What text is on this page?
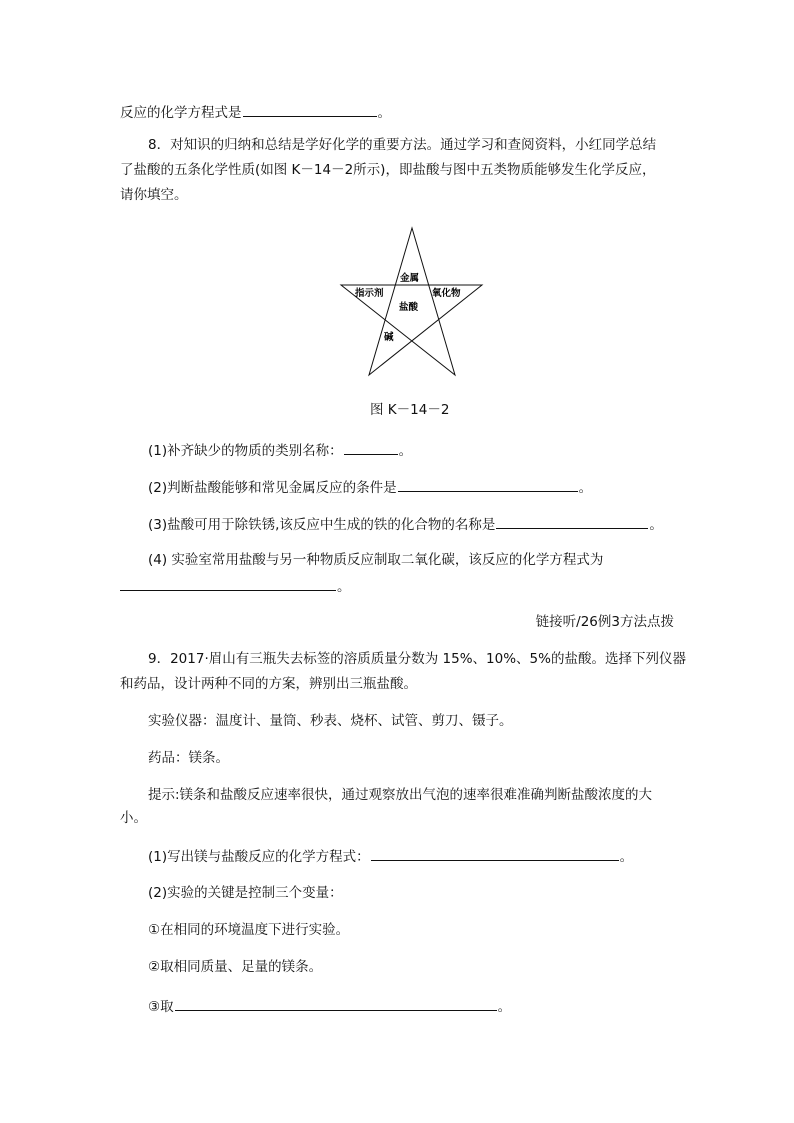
反应的化学方程式是	。
8．对知识的归纳和总结是学好化学的重要方法。通过学习和查阅资料，小红同学总结
了盐酸的五条化学性质(如图 K－14－2所示)，即盐酸与图中五类物质能够发生化学反应，
请你填空。
金属
指示剂	氧化物
盐酸
碱
图 K－14－2
(1)补齐缺少的物质的类别名称：	。
(2)判断盐酸能够和常见金属反应的条件是	。
(3)盐酸可用于除铁锈,该反应中生成的铁的化合物的名称是	。
(4) 实验室常用盐酸与另一种物质反应制取二氧化碳，该反应的化学方程式为
。
链接听/26例3方法点拨
9．2017·眉山有三瓶失去标签的溶质质量分数为 15%、10%、5%的盐酸。选择下列仪器
和药品，设计两种不同的方案，辨别出三瓶盐酸。
实验仪器：温度计、量筒、秒表、烧杯、试管、剪刀、镊子。
药品：镁条。
提示:镁条和盐酸反应速率很快，通过观察放出气泡的速率很难准确判断盐酸浓度的大
小。
(1)写出镁与盐酸反应的化学方程式：	。
(2)实验的关键是控制三个变量：
①在相同的环境温度下进行实验。
②取相同质量、足量的镁条。
③取	。
